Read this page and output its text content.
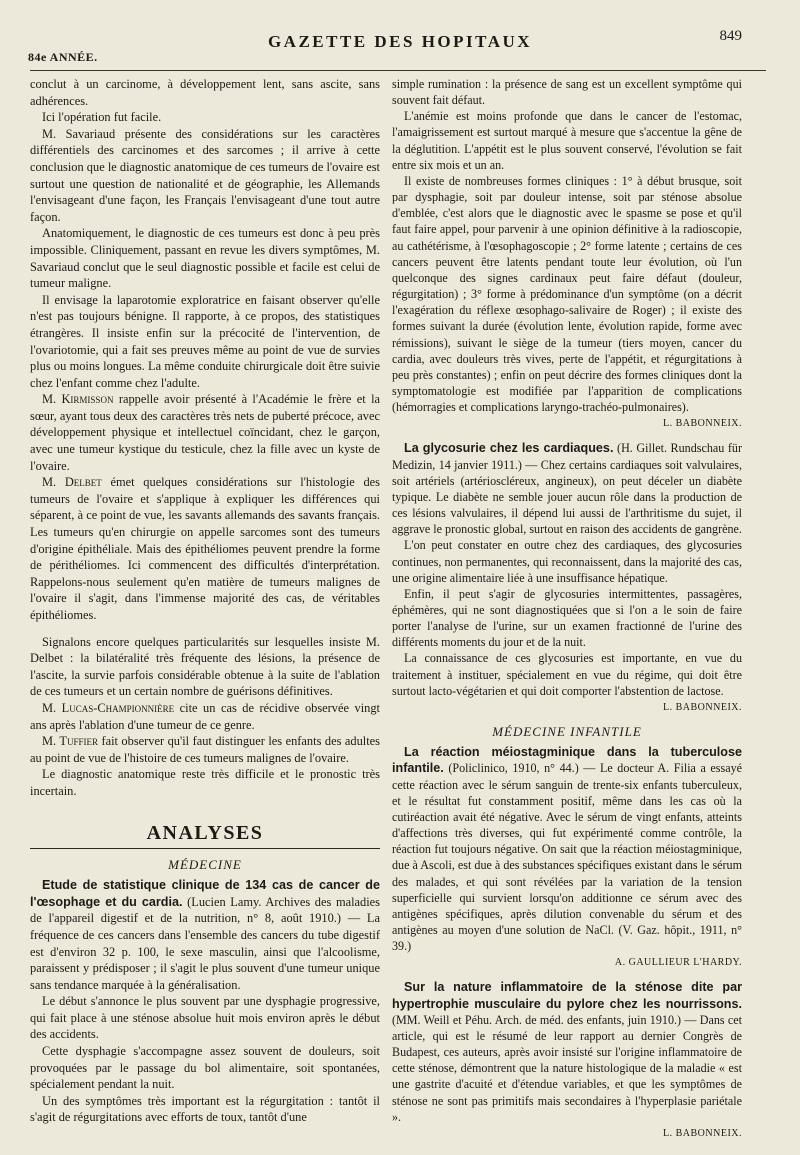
84e ANNÉE.
GAZETTE DES HOPITAUX	849

conclut à un carcinome, à développement lent, sans ascite, sans adhérences.

Ici l'opération fut facile.

M. Savariaud présente des considérations sur les caractères différentiels des carcinomes et des sarcomes ; il arrive à cette conclusion que le diagnostic anatomique de ces tumeurs de l'ovaire est surtout une question de nationalité et de géographie, les Allemands l'envisageant d'une façon, les Français l'envisageant d'une tout autre façon.

Anatomiquement, le diagnostic de ces tumeurs est donc à peu près impossible. Cliniquement, passant en revue les divers symptômes, M. Savariaud conclut que le seul diagnostic possible et facile est celui de tumeur maligne.

Il envisage la laparotomie exploratrice en faisant observer qu'elle n'est pas toujours bénigne. Il rapporte, à ce propos, des statistiques étrangères. Il insiste enfin sur la précocité de l'intervention, de l'ovariotomie, qui a fait ses preuves même au point de vue de survies plus ou moins longues. La même conduite chirurgicale doit être suivie chez l'enfant comme chez l'adulte.

M. Kirmisson rappelle avoir présenté à l'Académie le frère et la sœur, ayant tous deux des caractères très nets de puberté précoce, avec développement physique et intellectuel coïncidant, chez le garçon, avec une tumeur kystique du testicule, chez la fille avec un kyste de l'ovaire.

M. Delbet émet quelques considérations sur l'histologie des tumeurs de l'ovaire et s'applique à expliquer les différences qui séparent, à ce point de vue, les savants allemands des savants français. Les tumeurs qu'en chirurgie on appelle sarcomes sont des tumeurs d'origine épithéliale. Mais des épithéliomes peuvent prendre la forme de périthéliomes. Ici commencent des difficultés d'interprétation. Rappelons-nous seulement qu'en matière de tumeurs malignes de l'ovaire il s'agit, dans l'immense majorité des cas, de véritables épithéliomes.

Signalons encore quelques particularités sur lesquelles insiste M. Delbet : la bilatéralité très fréquente des lésions, la présence de l'ascite, la survie parfois considérable obtenue à la suite de l'ablation de ces tumeurs et un certain nombre de guérisons définitives.

M. Lucas-Championnière cite un cas de récidive observée vingt ans après l'ablation d'une tumeur de ce genre.

M. Tuffier fait observer qu'il faut distinguer les enfants des adultes au point de vue de l'histoire de ces tumeurs malignes de l'ovaire.

Le diagnostic anatomique reste très difficile et le pronostic très incertain.

ANALYSES
MÉDECINE

Etude de statistique clinique de 134 cas de cancer de l'œsophage et du cardia. (Lucien Lamy. Archives des maladies de l'appareil digestif et de la nutrition, n° 8, août 1910.) — La fréquence de ces cancers dans l'ensemble des cancers du tube digestif est d'environ 32 p. 100, le sexe masculin, ainsi que l'alcoolisme, paraissent y prédisposer ; il s'agit le plus souvent d'une tumeur unique sans tendance marquée à la généralisation.

Le début s'annonce le plus souvent par une dysphagie progressive, qui fait place à une sténose absolue huit mois environ après le début des accidents.

Cette dysphagie s'accompagne assez souvent de douleurs, soit provoquées par le passage du bol alimentaire, soit spontanées, spécialement pendant la nuit.

Un des symptômes très important est la régurgitation : tantôt il s'agit de régurgitations avec efforts de toux, tantôt d'une

simple rumination : la présence de sang est un excellent symptôme qui souvent fait défaut.

L'anémie est moins profonde que dans le cancer de l'estomac, l'amaigrissement est surtout marqué à mesure que s'accentue la gêne de la déglutition. L'appétit est le plus souvent conservé, l'évolution se fait entre six mois et un an.

Il existe de nombreuses formes cliniques : 1° à début brusque, soit par dysphagie, soit par douleur intense, soit par sténose absolue d'emblée, c'est alors que le diagnostic avec le spasme se pose et qu'il faut faire appel, pour parvenir à une opinion définitive à la radioscopie, au cathétérisme, à l'œsophagoscopie ; 2° forme latente ; certains de ces cancers peuvent être latents pendant toute leur évolution, où l'un quelconque des signes cardinaux peut faire défaut (douleur, régurgitation) ; 3° forme à prédominance d'un symptôme (on a décrit l'exagération du réflexe œsophago-salivaire de Roger) ; il existe des formes suivant la durée (évolution lente, évolution rapide, forme avec rémissions), suivant le siège de la tumeur (tiers moyen, cancer du cardia, avec douleurs très vives, perte de l'appétit, et régurgitations à peu près constantes) ; enfin on peut décrire des formes cliniques dont la symptomatologie est modifiée par l'apparition de complications (hémorragies et complications laryngo-trachéo-pulmonaires).

L. BABONNEIX.

La glycosurie chez les cardiaques. (H. Gillet. Rundschau für Medizin, 14 janvier 1911.) — Chez certains cardiaques soit valvulaires, soit artériels (artérioscléreux, angineux), on peut déceler un diabète typique. Le diabète ne semble jouer aucun rôle dans la production de ces lésions valvulaires, il dépend lui aussi de l'arthritisme du sujet, il aggrave le pronostic global, surtout en raison des accidents de gangrène.

L'on peut constater en outre chez des cardiaques, des glycosuries continues, non permanentes, qui reconnaissent, dans la majorité des cas, une origine alimentaire liée à une insuffisance hépatique.

Enfin, il peut s'agir de glycosuries intermittentes, passagères, éphémères, qui ne sont diagnostiquées que si l'on a le soin de faire porter l'analyse de l'urine, sur un examen fractionné de l'urine des différents moments du jour et de la nuit.

La connaissance de ces glycosuries est importante, en vue du traitement à instituer, spécialement en vue du régime, qui doit être surtout lacto-végétarien et qui doit comporter l'abstention de lactose.

L. BABONNEIX.
MÉDECINE INFANTILE

La réaction méiostagminique dans la tuberculose infantile. (Policlinico, 1910, n° 44.) — Le docteur A. Filia a essayé cette réaction avec le sérum sanguin de trente-six enfants tuberculeux, et le résultat fut constamment positif, même dans les cas où la cutiréaction avait été négative. Avec le sérum de vingt enfants, atteints d'affections très diverses, qui fut expérimenté comme contrôle, la réaction fut toujours négative. On sait que la réaction méiostagminique, due à Ascoli, est due à des substances spécifiques existant dans le sérum des malades, et qui sont révélées par la variation de la tension superficielle qui survient lorsqu'on additionne ce sérum avec des antigènes spécifiques, après dilution convenable du sérum et des antigènes au moyen d'une solution de NaCl. (V. Gaz. hôpit., 1911, n° 39.)

A. GAULLIEUR L'HARDY.

Sur la nature inflammatoire de la sténose dite par hypertrophie musculaire du pylore chez les nourrissons. (MM. Weill et Péhu. Arch. de méd. des enfants, juin 1910.) — Dans cet article, qui est le résumé de leur rapport au dernier Congrès de Budapest, ces auteurs, après avoir insisté sur l'origine inflammatoire de cette sténose, démontrent que la nature histologique de la maladie « est une gastrite d'acuité et d'étendue variables, et que les symptômes de sténose ne sont pas primitifs mais secondaires à l'hyperplasie pariétale ».

L. BABONNEIX.
